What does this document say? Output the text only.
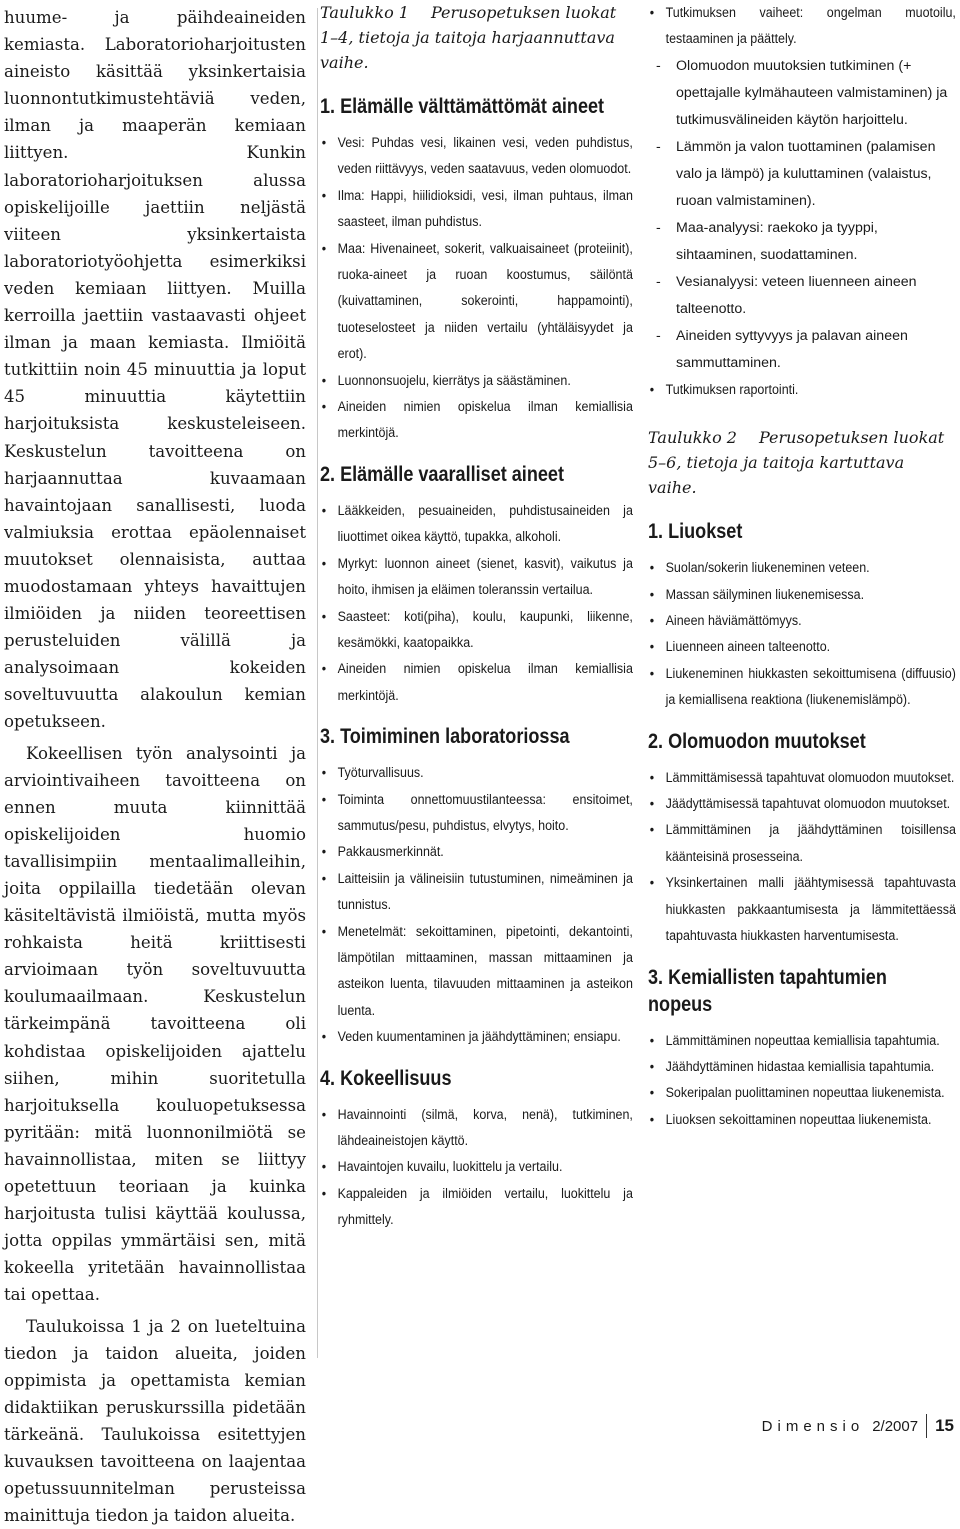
huume- ja päihdeaineiden kemiasta. Laboratorioharjoitusten aineisto käsittää yksinkertaisia luonnontutkimustehtäviä veden, ilman ja maaperän kemiaan liittyen. Kunkin laboratorioharjoituksen alussa opiskelijoille jaettiin neljästä viiteen yksinkertaista laboratoriotyöohjetta esimerkiksi veden kemiaan liittyen. Muilla kerroilla jaettiin vastaavasti ohjeet ilman ja maan kemiasta. Ilmiöitä tutkittiin noin 45 minuuttia ja loput 45 minuuttia käytettiin harjoituksista keskusteleiseen. Keskustelun tavoitteena on harjaannuttaa kuvaamaan havaintojaan sanallisesti, luoda valmiuksia erottaa epäolennaiset muutokset olennaisista, auttaa muodostamaan yhteys havaittujen ilmiöiden ja niiden teoreettisen perusteluiden välillä ja analysoimaan kokeiden soveltuvuutta alakoulun kemian opetukseen.

Kokeellisen työn analysointi ja arviointivaiheen tavoitteena on ennen muuta kiinnittää opiskelijoiden huomio tavallisimpiin mentaalimalleihin, joita oppilailla tiedetään olevan käsiteltävistä ilmiöistä, mutta myös rohkaista heitä kriittisesti arvioimaan työn soveltuvuutta koulumaailmaan. Keskustelun tärkeimpänä tavoitteena oli kohdistaa opiskelijoiden ajattelu siihen, mihin suoritetulla harjoituksella kouluopetuksessa pyritään: mitä luonnonilmiötä se havainnollistaa, miten se liittyy opetettuun teoriaan ja kuinka harjoitusta tulisi käyttää koulussa, jotta oppilas ymmärtäisi sen, mitä kokeella yritetään havainnollistaa tai opettaa.

Taulukoissa 1 ja 2 on lueteltuina tiedon ja taidon alueita, joiden oppimista ja opettamista kemian didaktiikan peruskurssilla pidetään tärkeänä. Taulukoissa esitettyjen kuvauksen tavoitteena on laajentaa opetussuunnitelman perusteissa mainittuja tiedon ja taidon alueita.

Taulukko 1 Perusopetuksen luokat 1–4, tietoja ja taitoja harjaannuttava vaihe.

1. Elämälle välttämättömät aineet
• Vesi: Puhdas vesi, likainen vesi, veden puhdistus, veden riittävyys, veden saatavuus, veden olomuodot.
• Ilma: Happi, hiilidioksidi, vesi, ilman puhtaus, ilman saasteet, ilman puhdistus.
• Maa: Hivenaineet, sokerit, valkuaisaineet (proteiinit), ruoka-aineet ja ruoan koostumus, säilöntä (kuivattaminen, sokerointi, happamointi), tuoteselosteet ja niiden vertailu (yhtäläisyydet ja erot).
• Luonnonsuojelu, kierrätys ja säästäminen.
• Aineiden nimien opiskelua ilman kemiallisia merkintöjä.
2. Elämälle vaaralliset aineet
• Lääkkeiden, pesuaineiden, puhdistusaineiden ja liuottimet oikea käyttö, tupakka, alkoholi.
• Myrkyt: luonnon aineet (sienet, kasvit), vaikutus ja hoito, ihmisen ja eläimen toleranssin vertailua.
• Saasteet: koti(piha), koulu, kaupunki, liikenne, kesämökki, kaatopaikka.
• Aineiden nimien opiskelua ilman kemiallisia merkintöjä.
3. Toimiminen laboratoriossa
• Työturvallisuus.
• Toiminta onnettomuustilanteessa: ensitoimet, sammutus/pesu, puhdistus, elvytys, hoito.
• Pakkausmerkinnät.
• Laitteisiin ja välineisiin tutustuminen, nimeäminen ja tunnistus.
• Menetelmät: sekoittaminen, pipetointi, dekantointi, lämpötilan mittaaminen, massan mittaaminen ja asteikon luenta, tilavuuden mittaaminen ja asteikon luenta.
• Veden kuumentaminen ja jäähdyttäminen; ensiapu.
4. Kokeellisuus
• Havainnointi (silmä, korva, nenä), tutkiminen, lähdeaineistojen käyttö.
• Havaintojen kuvailu, luokittelu ja vertailu.
• Kappaleiden ja ilmiöiden vertailu, luokittelu ja ryhmittely.
• Tutkimuksen vaiheet: ongelman muotoilu, testaaminen ja päättely.
- Olomuodon muutoksien tutkiminen (+ opettajalle kylmähauteen valmistaminen) ja tutkimusvälineiden käytön harjoittelu.
- Lämmön ja valon tuottaminen (palamisen valo ja lämpö) ja kuluttaminen (valaistus, ruoan valmistaminen).
- Maa-analyysi: raekoko ja tyyppi, sihtaaminen, suodattaminen.
- Vesianalyysi: veteen liuenneen aineen talteenotto.
- Aineiden syttyvyys ja palavan aineen sammuttaminen.
• Tutkimuksen raportointi.

Taulukko 2 Perusopetuksen luokat 5–6, tietoja ja taitoja kartuttava vaihe.

1. Liuokset
• Suolan/sokerin liukeneminen veteen.
• Massan säilyminen liukenemisessa.
• Aineen häviämättömyys.
• Liuenneen aineen talteenotto.
• Liukeneminen hiukkasten sekoittumisena (diffuusio) ja kemiallisena reaktiona (liukenemislämpö).
2. Olomuodon muutokset
• Lämmittämisessä tapahtuvat olomuodon muutokset.
• Jäädyttämisessä tapahtuvat olomuodon muutokset.
• Lämmittäminen ja jäähdyttäminen toisillensa käänteisinä prosesseina.
• Yksinkertainen malli jäähtymisessä tapahtuvasta hiukkasten pakkaantumisesta ja lämmitettäessä tapahtuvasta hiukkasten harventumisesta.
3. Kemiallisten tapahtumien nopeus
• Lämmittäminen nopeuttaa kemiallisia tapahtumia.
• Jäähdyttäminen hidastaa kemiallisia tapahtumia.
• Sokeripalan puolittaminen nopeuttaa liukenemista.
• Liuoksen sekoittaminen nopeuttaa liukenemista.
Dimensio 2/2007 15
